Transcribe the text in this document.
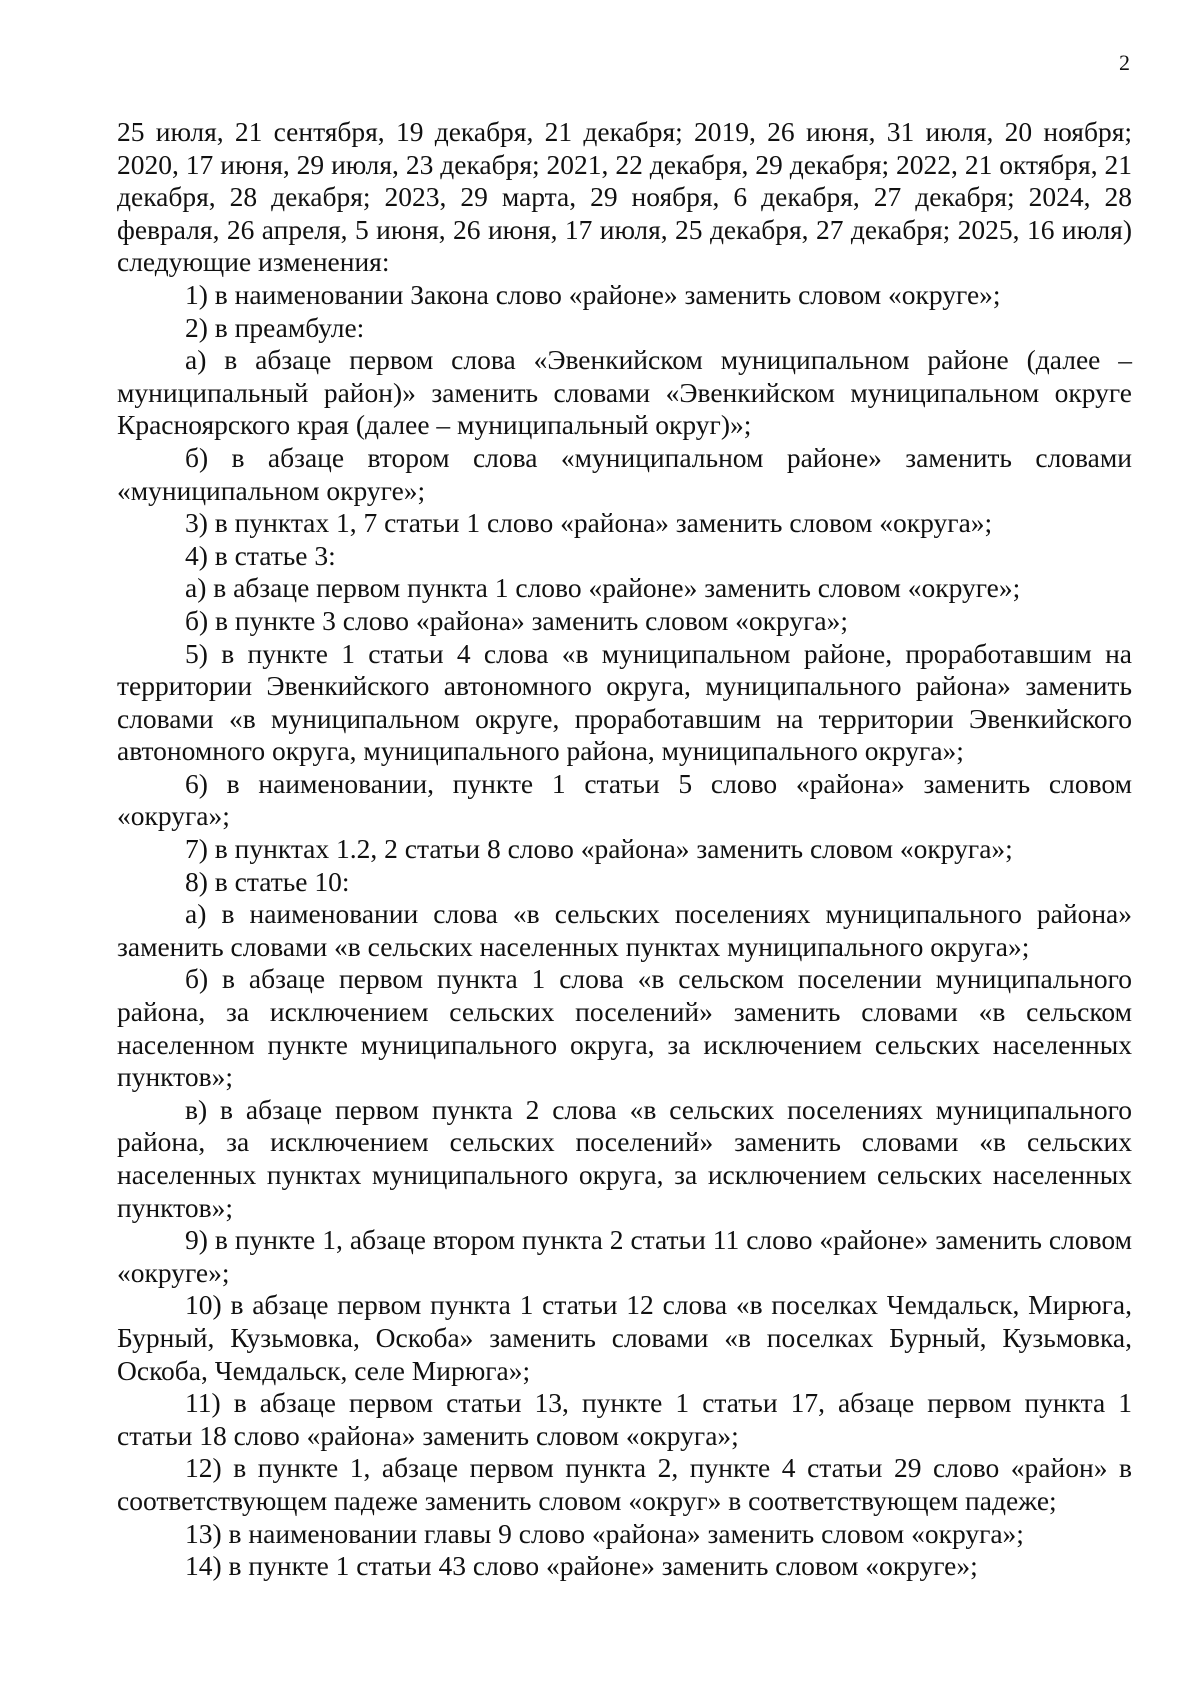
2

25 июля, 21 сентября, 19 декабря, 21 декабря; 2019, 26 июня, 31 июля, 20 ноября; 2020, 17 июня, 29 июля, 23 декабря; 2021, 22 декабря, 29 декабря; 2022, 21 октября, 21 декабря, 28 декабря; 2023, 29 марта, 29 ноября, 6 декабря, 27 декабря; 2024, 28 февраля, 26 апреля, 5 июня, 26 июня, 17 июля, 25 декабря, 27 декабря; 2025, 16 июля) следующие изменения:

1) в наименовании Закона слово «районе» заменить словом «округе»;

2) в преамбуле:

а) в абзаце первом слова «Эвенкийском муниципальном районе (далее – муниципальный район)» заменить словами «Эвенкийском муниципальном округе Красноярского края (далее – муниципальный округ)»;

б) в абзаце втором слова «муниципальном районе» заменить словами «муниципальном округе»;

3) в пунктах 1, 7 статьи 1 слово «района» заменить словом «округа»;

4) в статье 3:

а) в абзаце первом пункта 1 слово «районе» заменить словом «округе»;

б) в пункте 3 слово «района» заменить словом «округа»;

5) в пункте 1 статьи 4 слова «в муниципальном районе, проработавшим на территории Эвенкийского автономного округа, муниципального района» заменить словами «в муниципальном округе, проработавшим на территории Эвенкийского автономного округа, муниципального района, муниципального округа»;

6) в наименовании, пункте 1 статьи 5 слово «района» заменить словом «округа»;

7) в пунктах 1.2, 2 статьи 8 слово «района» заменить словом «округа»;

8) в статье 10:

а) в наименовании слова «в сельских поселениях муниципального района» заменить словами «в сельских населенных пунктах муниципального округа»;

б) в абзаце первом пункта 1 слова «в сельском поселении муниципального района, за исключением сельских поселений» заменить словами «в сельском населенном пункте муниципального округа, за исключением сельских населенных пунктов»;

в) в абзаце первом пункта 2 слова «в сельских поселениях муниципального района, за исключением сельских поселений» заменить словами «в сельских населенных пунктах муниципального округа, за исключением сельских населенных пунктов»;

9) в пункте 1, абзаце втором пункта 2 статьи 11 слово «районе» заменить словом «округе»;

10) в абзаце первом пункта 1 статьи 12 слова «в поселках Чемдальск, Мирюга, Бурный, Кузьмовка, Оскоба» заменить словами «в поселках Бурный, Кузьмовка, Оскоба, Чемдальск, селе Мирюга»;

11) в абзаце первом статьи 13, пункте 1 статьи 17, абзаце первом пункта 1 статьи 18 слово «района» заменить словом «округа»;

12) в пункте 1, абзаце первом пункта 2, пункте 4 статьи 29 слово «район» в соответствующем падеже заменить словом «округ» в соответствующем падеже;

13) в наименовании главы 9 слово «района» заменить словом «округа»;

14) в пункте 1 статьи 43 слово «районе» заменить словом «округе»;
